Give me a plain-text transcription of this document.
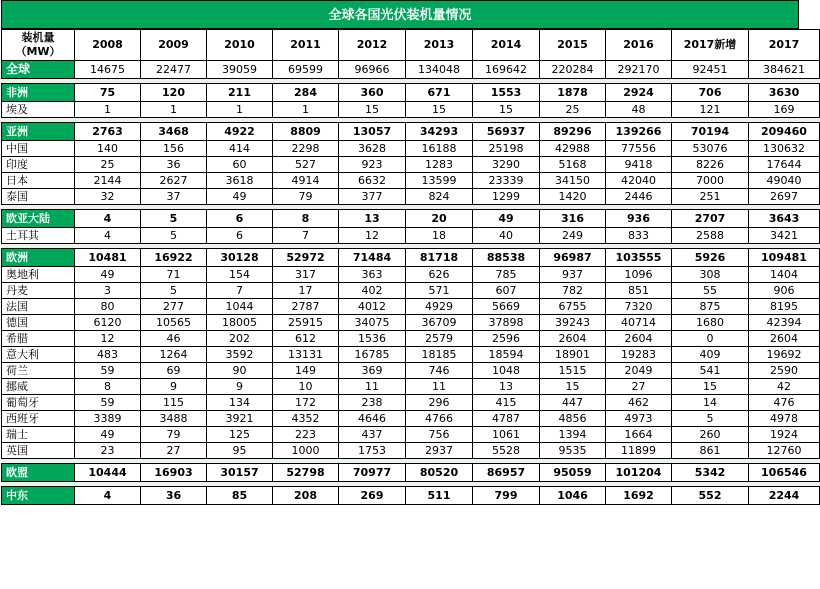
全球各国光伏装机量情况
装机量
（MW）	2008	2009	2010	2011	2012	2013	2014	2015	2016	2017新增	2017
全球	14675	22477	39059	69599	96966	134048	169642	220284	292170	92451	384621

非洲	75	120	211	284	360	671	1553	1878	2924	706	3630
埃及	1	1	1	1	15	15	15	25	48	121	169

亚洲	2763	3468	4922	8809	13057	34293	56937	89296	139266	70194	209460
中国	140	156	414	2298	3628	16188	25198	42988	77556	53076	130632
印度	25	36	60	527	923	1283	3290	5168	9418	8226	17644
日本	2144	2627	3618	4914	6632	13599	23339	34150	42040	7000	49040
泰国	32	37	49	79	377	824	1299	1420	2446	251	2697

欧亚大陆	4	5	6	8	13	20	49	316	936	2707	3643
土耳其	4	5	6	7	12	18	40	249	833	2588	3421

欧洲	10481	16922	30128	52972	71484	81718	88538	96987	103555	5926	109481
奥地利	49	71	154	317	363	626	785	937	1096	308	1404
丹麦	3	5	7	17	402	571	607	782	851	55	906
法国	80	277	1044	2787	4012	4929	5669	6755	7320	875	8195
德国	6120	10565	18005	25915	34075	36709	37898	39243	40714	1680	42394
希腊	12	46	202	612	1536	2579	2596	2604	2604	0	2604
意大利	483	1264	3592	13131	16785	18185	18594	18901	19283	409	19692
荷兰	59	69	90	149	369	746	1048	1515	2049	541	2590
挪威	8	9	9	10	11	11	13	15	27	15	42
葡萄牙	59	115	134	172	238	296	415	447	462	14	476
西班牙	3389	3488	3921	4352	4646	4766	4787	4856	4973	5	4978
瑞士	49	79	125	223	437	756	1061	1394	1664	260	1924
英国	23	27	95	1000	1753	2937	5528	9535	11899	861	12760

欧盟	10444	16903	30157	52798	70977	80520	86957	95059	101204	5342	106546

中东	4	36	85	208	269	511	799	1046	1692	552	2244
